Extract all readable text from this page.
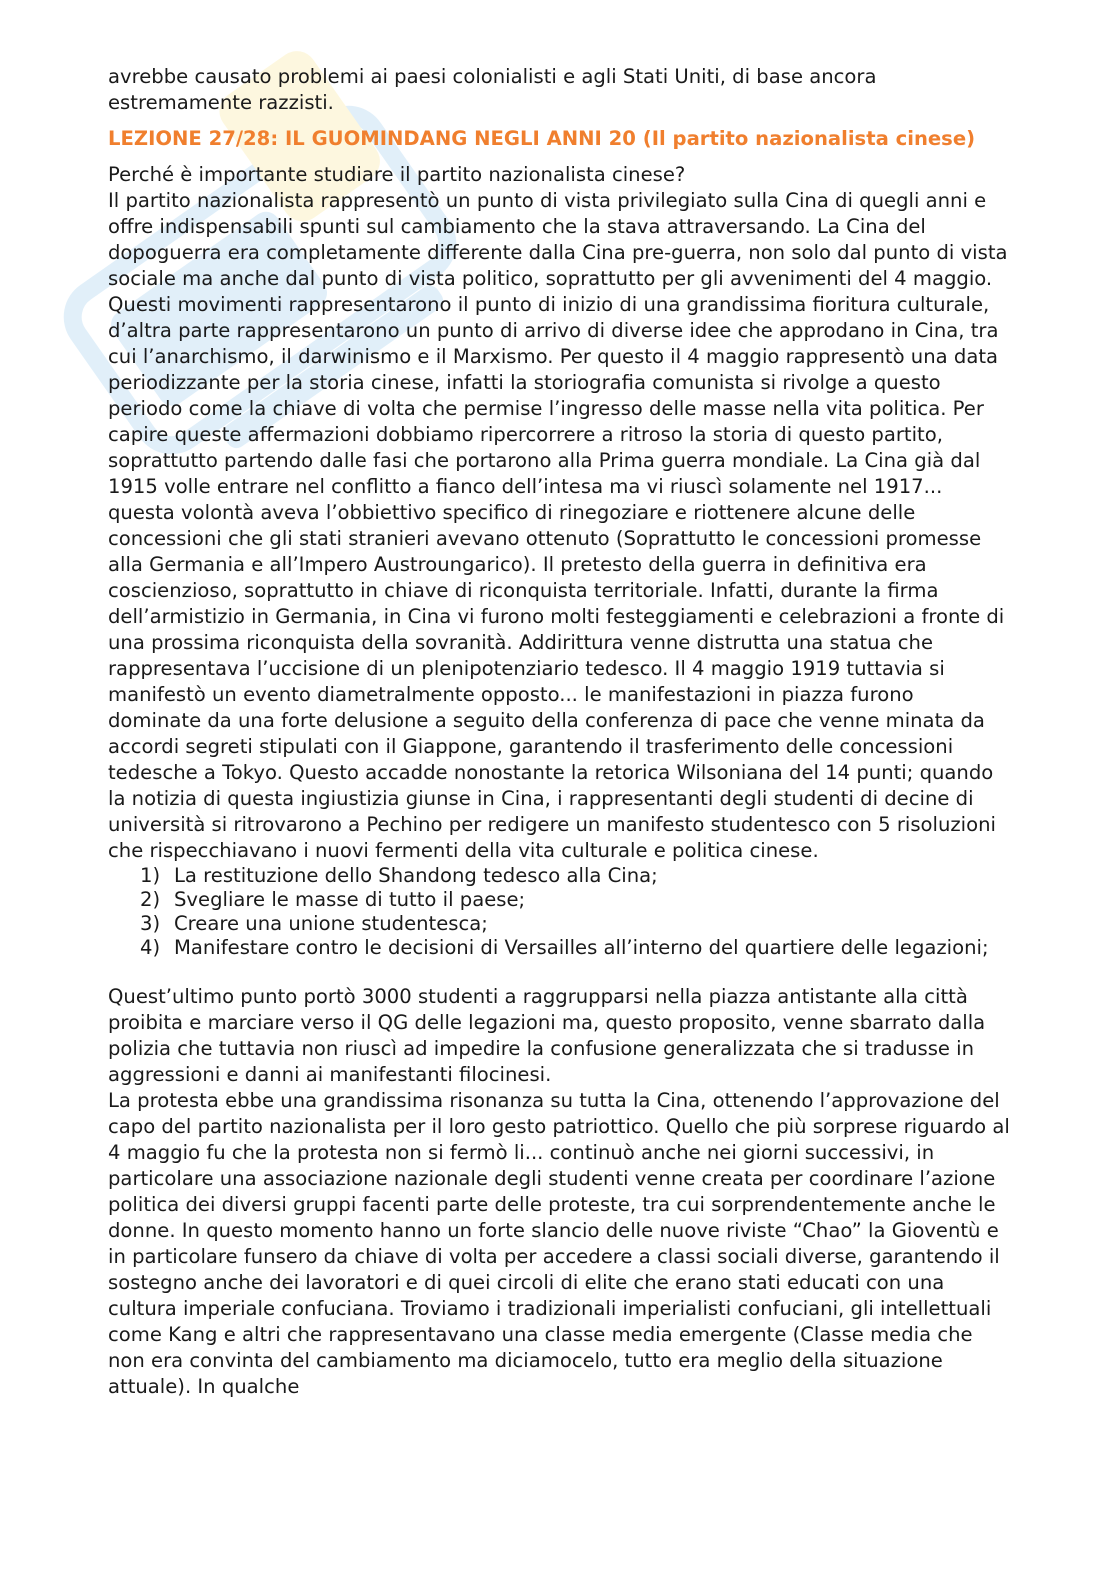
avrebbe causato problemi ai paesi colonialisti e agli Stati Uniti, di base ancora estremamente razzisti.

LEZIONE 27/28: IL GUOMINDANG NEGLI ANNI 20 (Il partito nazionalista cinese)

Perché è importante studiare il partito nazionalista cinese?

Il partito nazionalista rappresentò un punto di vista privilegiato sulla Cina di quegli anni e offre indispensabili spunti sul cambiamento che la stava attraversando. La Cina del dopoguerra era completamente differente dalla Cina pre-guerra, non solo dal punto di vista sociale ma anche dal punto di vista politico, soprattutto per gli avvenimenti del 4 maggio. Questi movimenti rappresentarono il punto di inizio di una grandissima fioritura culturale, d’altra parte rappresentarono un punto di arrivo di diverse idee che approdano in Cina, tra cui l’anarchismo, il darwinismo e il Marxismo. Per questo il 4 maggio rappresentò una data periodizzante per la storia cinese, infatti la storiografia comunista si rivolge a questo periodo come la chiave di volta che permise l’ingresso delle masse nella vita politica. Per capire queste affermazioni dobbiamo ripercorrere a ritroso la storia di questo partito, soprattutto partendo dalle fasi che portarono alla Prima guerra mondiale. La Cina già dal 1915 volle entrare nel conflitto a fianco dell’intesa ma vi riuscì solamente nel 1917... questa volontà aveva l’obbiettivo specifico di rinegoziare e riottenere alcune delle concessioni che gli stati stranieri avevano ottenuto (Soprattutto le concessioni promesse alla Germania e all’Impero Austroungarico). Il pretesto della guerra in definitiva era coscienzioso, soprattutto in chiave di riconquista territoriale. Infatti, durante la firma dell’armistizio in Germania, in Cina vi furono molti festeggiamenti e celebrazioni a fronte di una prossima riconquista della sovranità. Addirittura venne distrutta una statua che rappresentava l’uccisione di un plenipotenziario tedesco. Il 4 maggio 1919 tuttavia si manifestò un evento diametralmente opposto... le manifestazioni in piazza furono dominate da una forte delusione a seguito della conferenza di pace che venne minata da accordi segreti stipulati con il Giappone, garantendo il trasferimento delle concessioni tedesche a Tokyo. Questo accadde nonostante la retorica Wilsoniana del 14 punti; quando la notizia di questa ingiustizia giunse in Cina, i rappresentanti degli studenti di decine di università si ritrovarono a Pechino per redigere un manifesto studentesco con 5 risoluzioni che rispecchiavano i nuovi fermenti della vita culturale e politica cinese.

1) La restituzione dello Shandong tedesco alla Cina;
2) Svegliare le masse di tutto il paese;
3) Creare una unione studentesca;
4) Manifestare contro le decisioni di Versailles all’interno del quartiere delle legazioni;

Quest’ultimo punto portò 3000 studenti a raggrupparsi nella piazza antistante alla città proibita e marciare verso il QG delle legazioni ma, questo proposito, venne sbarrato dalla polizia che tuttavia non riuscì ad impedire la confusione generalizzata che si tradusse in aggressioni e danni ai manifestanti filocinesi.

La protesta ebbe una grandissima risonanza su tutta la Cina, ottenendo l’approvazione del capo del partito nazionalista per il loro gesto patriottico. Quello che più sorprese riguardo al 4 maggio fu che la protesta non si fermò li... continuò anche nei giorni successivi, in particolare una associazione nazionale degli studenti venne creata per coordinare l’azione politica dei diversi gruppi facenti parte delle proteste, tra cui sorprendentemente anche le donne. In questo momento hanno un forte slancio delle nuove riviste “Chao” la Gioventù e in particolare funsero da chiave di volta per accedere a classi sociali diverse, garantendo il sostegno anche dei lavoratori e di quei circoli di elite che erano stati educati con una cultura imperiale confuciana. Troviamo i tradizionali imperialisti confuciani, gli intellettuali come Kang e altri che rappresentavano una classe media emergente (Classe media che non era convinta del cambiamento ma diciamocelo, tutto era meglio della situazione attuale). In qualche
